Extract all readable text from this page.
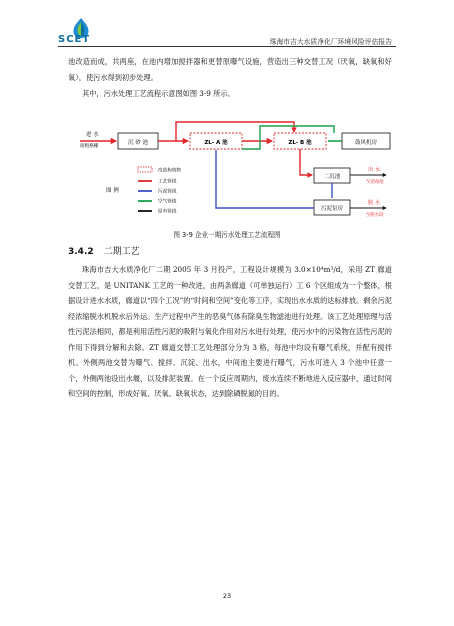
SCET	珠海市吉大水质净化厂环境风险评估报告

池改造而成，共两座，在池内增加搅拌器和更替原曝气设施，营造出三种交替工况（厌氧，缺氧和好氧），使污水得到初步处理。

其中，污水处理工艺流程示意图如图 3-9 所示。

进 水
接粗格栅
沉 砂 池	ZL- A 池	ZL- B 池	鼓风机房
二沉池
污泥泵房
出 水
至消毒池
脱 水
至脱水间
图 例
改造构筑物
工艺管线
污泥管线
空气管线
原有管线
图 3-9 企业一期污水处理工艺流程图
3.4.2 二期工艺

珠海市吉大水质净化厂二期 2005 年 3 月投产，工程设计规模为 3.0×10⁴m³/d，采用 ZT 廊道交替工艺，是 UNITANK 工艺的一种改进，由两条廊道（可单独运行）工 6 个区组成为一个整体，根据设计进水水质，廊道以“四个工况”的“时间和空间”变化等工序，实现出水水质的达标排放。剩余污泥经浓缩脱水机脱水后外运。生产过程中产生的恶臭气体有除臭生物滤池进行处理。该工艺处理原理与活性污泥法相同，都是利用活性污泥的吸附与氧化作用对污水进行处理，使污水中的污染物在活性污泥的作用下得到分解和去除。ZT 廊道交替工艺处理部分分为 3 格，每池中均设有曝气系统，并配有搅拌机。外侧两池交替为曝气、搅拌、沉淀、出水，中间池主要进行曝气，污水可进入 3 个池中任意一个，外侧两池设出水堰，以及排泥装置。在一个反应周期内，废水连续不断地进入反应器中，通过时间和空间的控制，形成好氧、厌氧、缺氧状态，达到除磷脱氮的目的。

23
